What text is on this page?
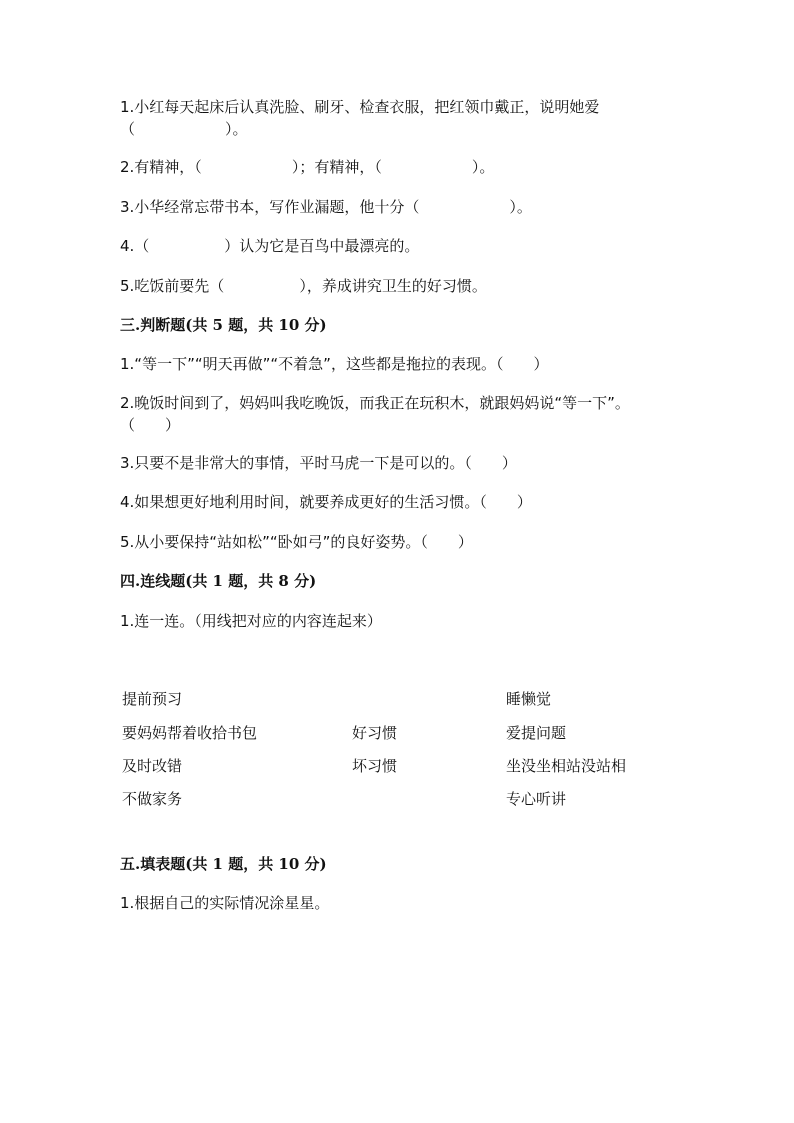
1.小红每天起床后认真洗脸、刷牙、检查衣服，把红领巾戴正，说明她爱（　　　　　　）。
2.有精神，（　　　　　　）；有精神，（　　　　　　）。
3.小华经常忘带书本，写作业漏题，他十分（　　　　　　）。
4.（　　　　　）认为它是百鸟中最漂亮的。
5.吃饭前要先（　　　　　），养成讲究卫生的好习惯。
三.判断题(共 5 题，共 10 分)
1.“等一下”“明天再做”“不着急”，这些都是拖拉的表现。（　　）
2.晚饭时间到了，妈妈叫我吃晚饭，而我正在玩积木，就跟妈妈说“等一下”。（　　）
3.只要不是非常大的事情，平时马虎一下是可以的。（　　）
4.如果想更好地利用时间，就要养成更好的生活习惯。（　　）
5.从小要保持“站如松”“卧如弓”的良好姿势。（　　）
四.连线题(共 1 题，共 8 分)
1.连一连。（用线把对应的内容连起来）
提前预习
要妈妈帮着收拾书包
及时改错
不做家务
好习惯
坏习惯
睡懒觉
爱提问题
坐没坐相站没站相
专心听讲
五.填表题(共 1 题，共 10 分)
1.根据自己的实际情况涂星星。
